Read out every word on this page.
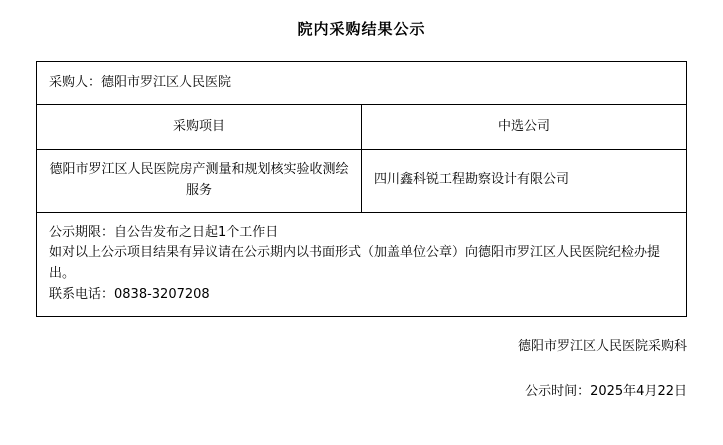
院内采购结果公示
采购人：德阳市罗江区人民医院	

采购项目	中选公司

德阳市罗江区人民医院房产测量和规划核实验收测绘服务	四川鑫科锐工程勘察设计有限公司

公示期限：自公告发布之日起1个工作日
如对以上公示项目结果有异议请在公示期内以书面形式（加盖单位公章）向德阳市罗江区人民医院纪检办提出。
联系电话：0838-3207208	
德阳市罗江区人民医院采购科
公示时间：2025年4月22日
